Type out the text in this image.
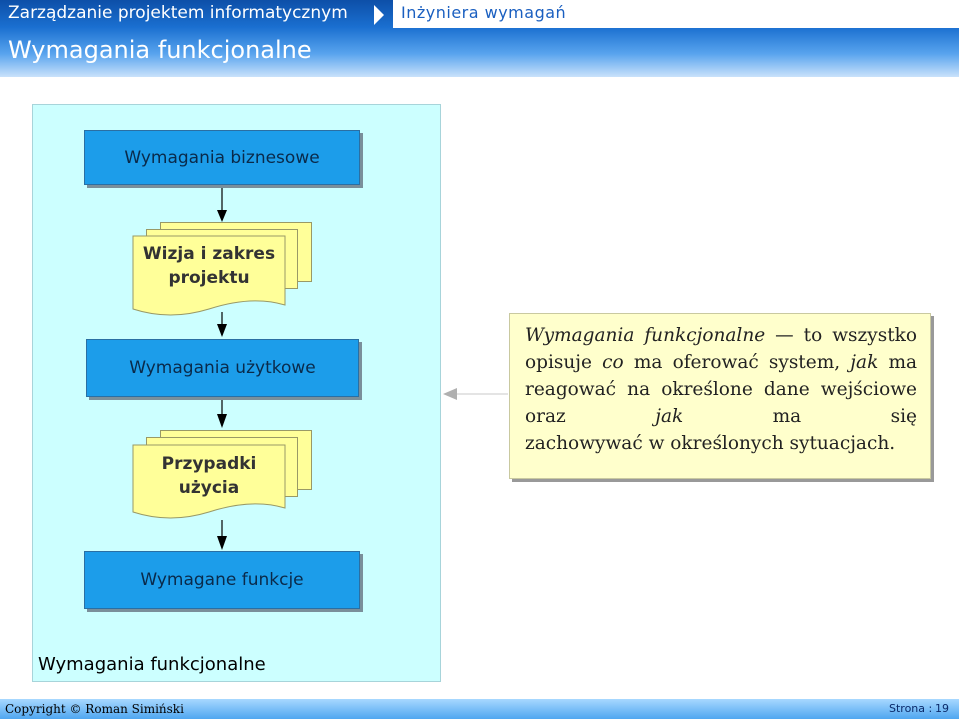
Zarządzanie projektem informatycznym	Inżyniera wymagań
Wymagania funkcjonalne
Wymagania biznesowe
Wizja i zakres
projektu
Wymagania użytkowe
Przypadki
użycia
Wymagane funkcje
Wymagania funkcjonalne

Wymagania funkcjonalne — to wszystko opisuje co ma oferować system, jak ma reagować na określone dane wejściowe oraz	jak	ma się

zachowywać w określonych sytuacjach.

Copyright © Roman Simiński	Strona : 19
